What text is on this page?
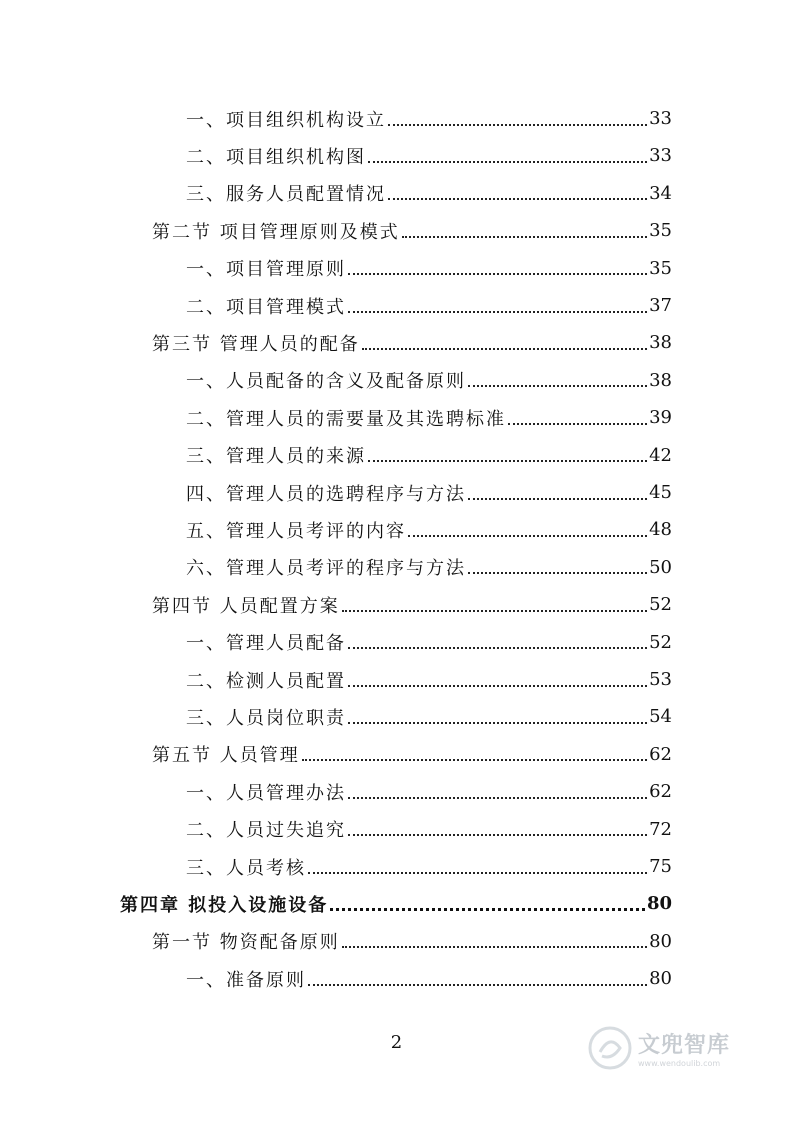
一、项目组织机构设立	33
二、项目组织机构图	33
三、服务人员配置情况	34
第二节 项目管理原则及模式	35
一、项目管理原则	35
二、项目管理模式	37
第三节 管理人员的配备	38
一、人员配备的含义及配备原则	38
二、管理人员的需要量及其选聘标准	39
三、管理人员的来源	42
四、管理人员的选聘程序与方法	45
五、管理人员考评的内容	48
六、管理人员考评的程序与方法	50
第四节 人员配置方案	52
一、管理人员配备	52
二、检测人员配置	53
三、人员岗位职责	54
第五节 人员管理	62
一、人员管理办法	62
二、人员过失追究	72
三、人员考核	75
第四章 拟投入设施设备	80
第一节 物资配备原则	80
一、准备原则	80
2	文兜智库
www.wendoulib.com
